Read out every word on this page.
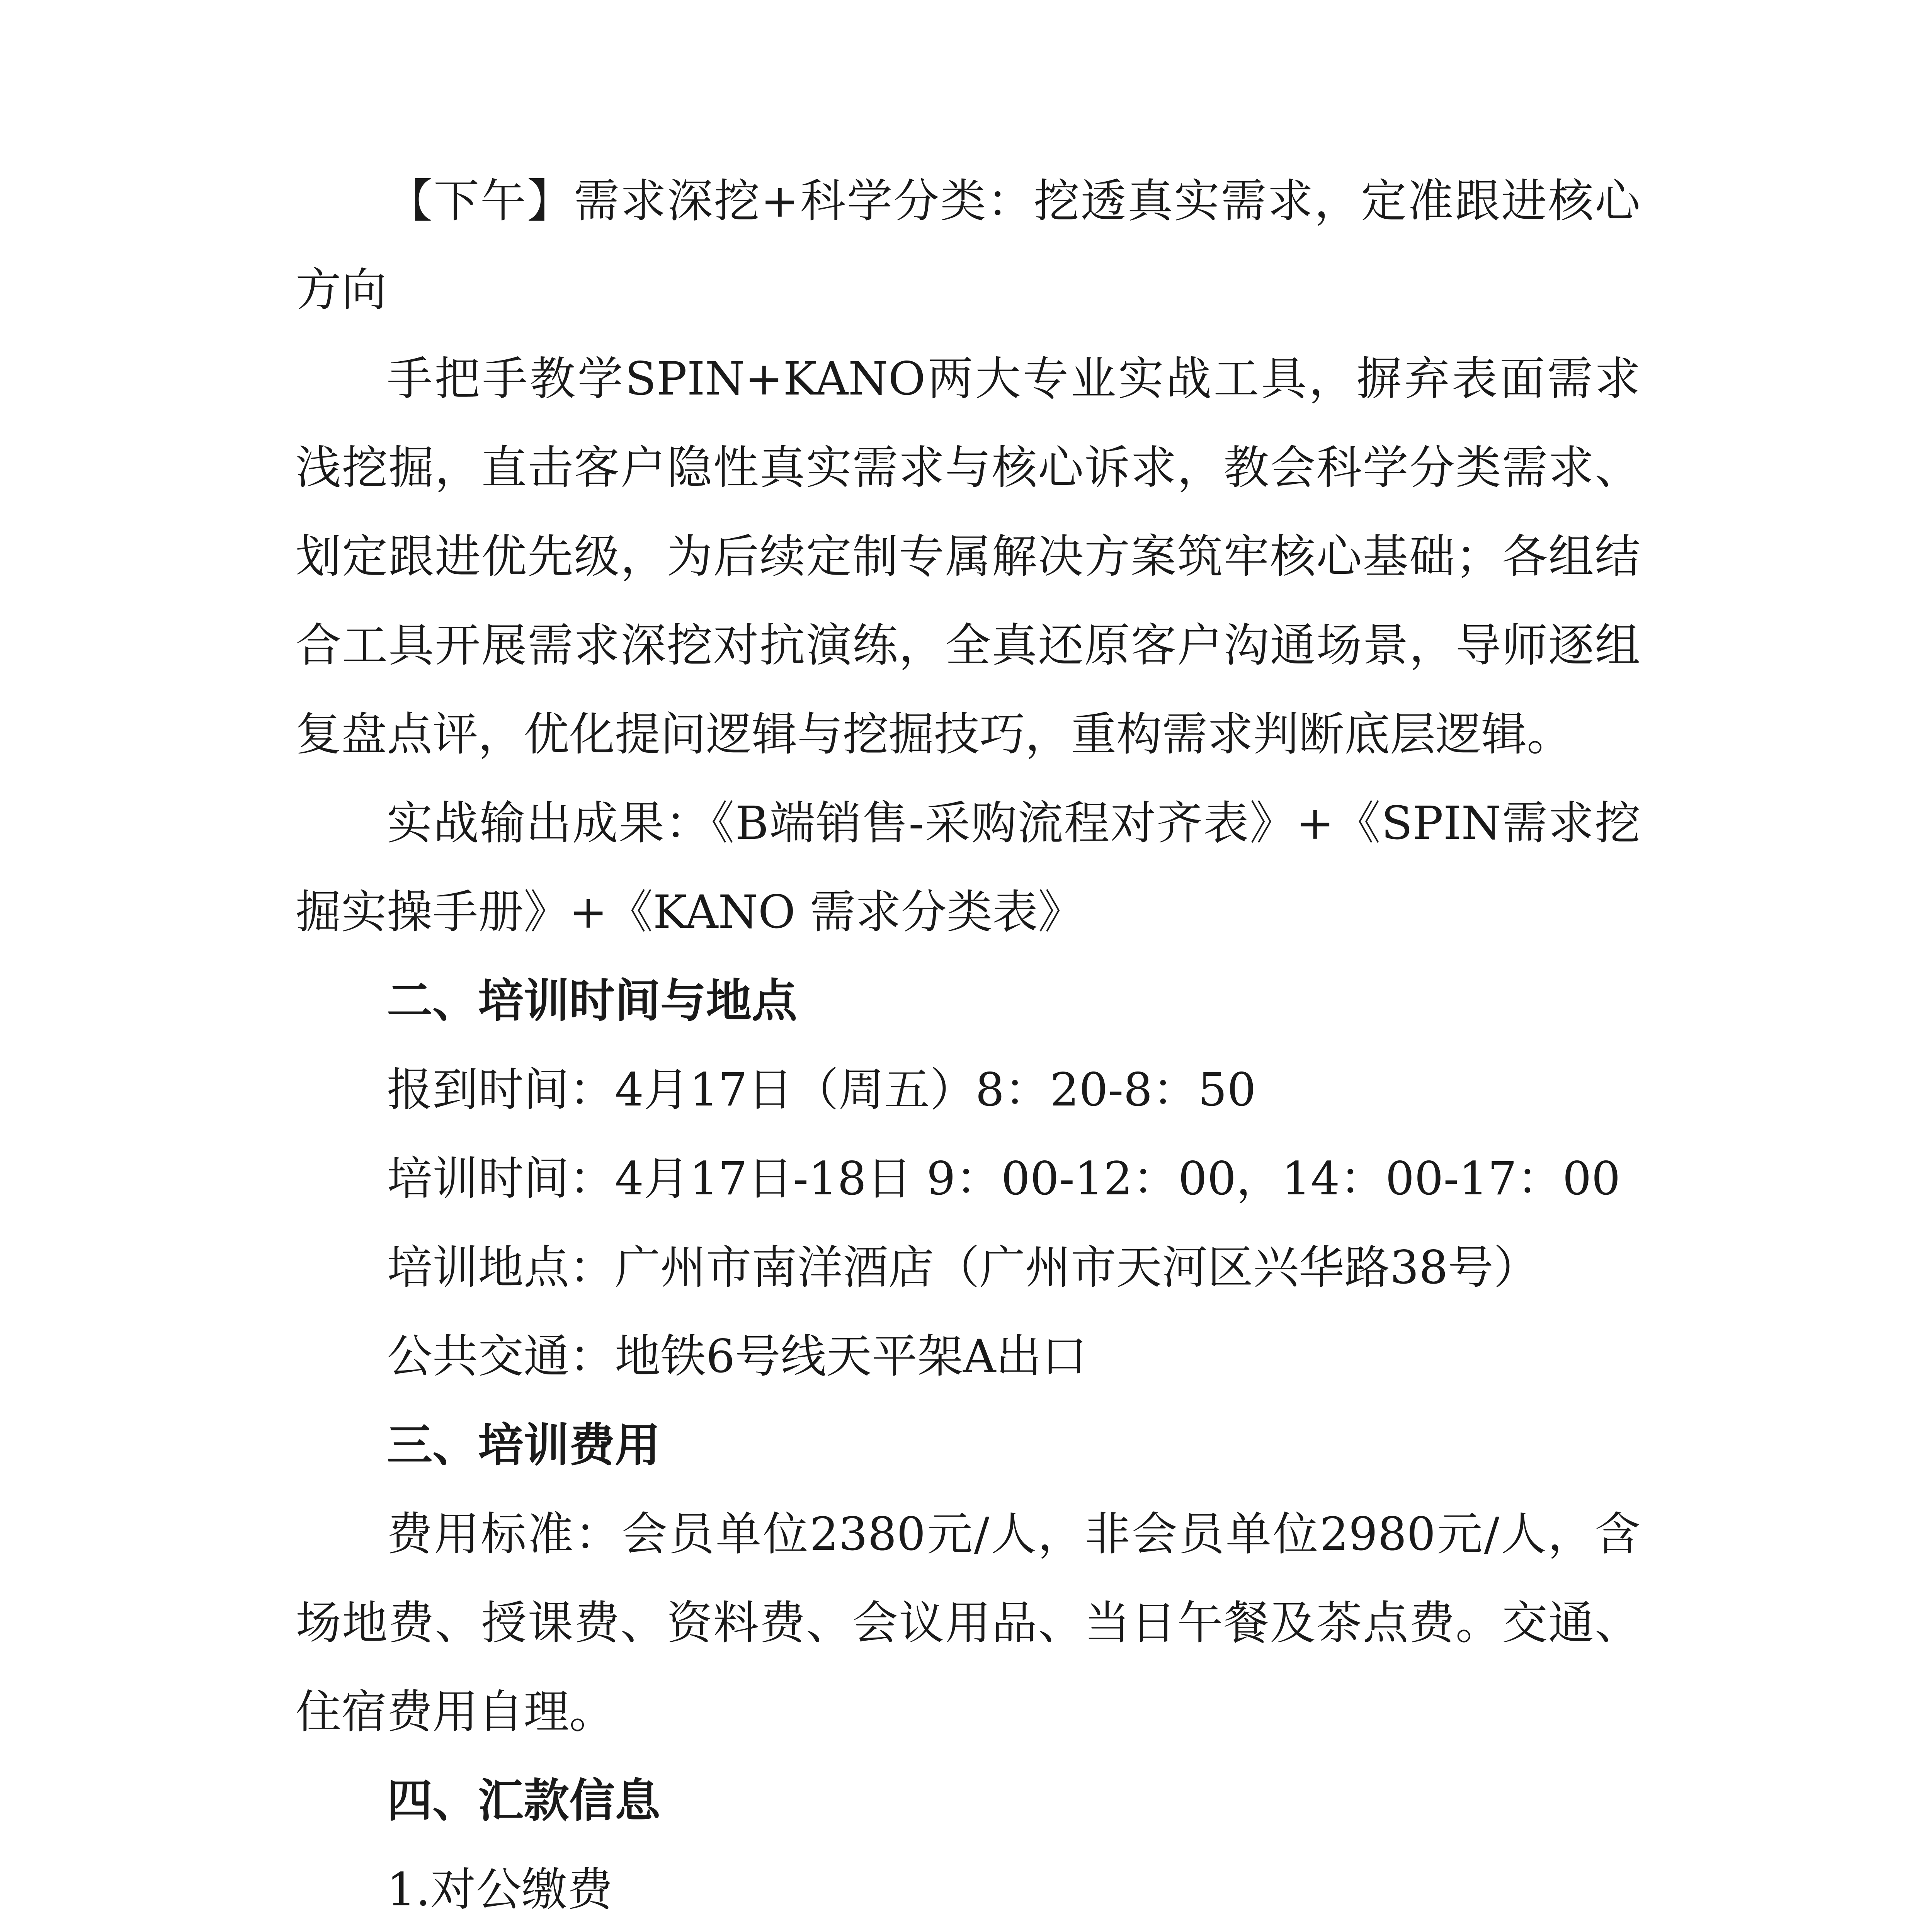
【下午】需求深挖+科学分类：挖透真实需求，定准跟进核心方向

手把手教学SPIN+KANO两大专业实战工具，摒弃表面需求浅挖掘，直击客户隐性真实需求与核心诉求，教会科学分类需求、划定跟进优先级，为后续定制专属解决方案筑牢核心基础；各组结合工具开展需求深挖对抗演练，全真还原客户沟通场景，导师逐组复盘点评，优化提问逻辑与挖掘技巧，重构需求判断底层逻辑。

实战输出成果：《B端销售-采购流程对齐表》+《SPIN需求挖掘实操手册》+《KANO 需求分类表》

二、培训时间与地点

报到时间：4月17日（周五）8：20-8：50

培训时间：4月17日-18日 9：00-12：00，14：00-17：00

培训地点：广州市南洋酒店（广州市天河区兴华路38号）

公共交通：地铁6号线天平架A出口

三、培训费用

费用标准：会员单位2380元/人，非会员单位2980元/人，含场地费、授课费、资料费、会议用品、当日午餐及茶点费。交通、住宿费用自理。

四、汇款信息

1.对公缴费
